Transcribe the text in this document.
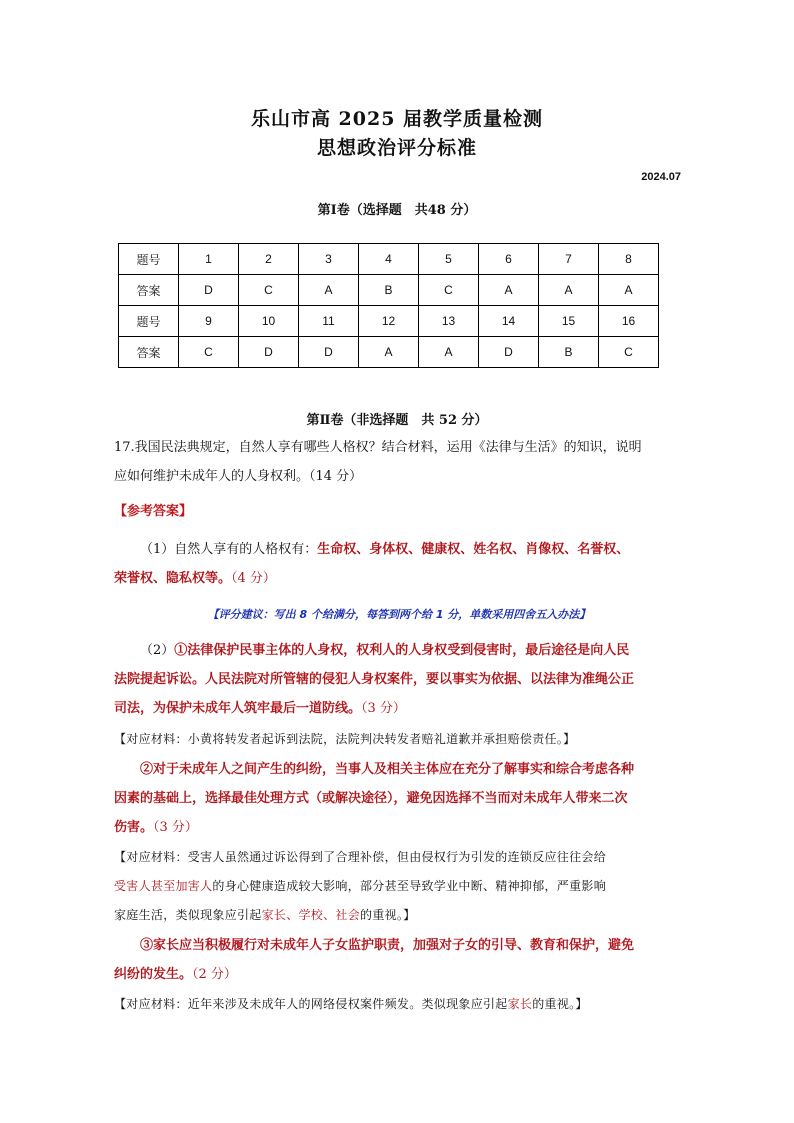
乐山市高 2025 届教学质量检测
思想政治评分标准
2024.07
第Ⅰ卷（选择题　共48 分）
题号	1	2	3	4	5	6	7	8
答案	D	C	A	B	C	A	A	A
题号	9	10	11	12	13	14	15	16
答案	C	D	D	A	A	D	B	C
第Ⅱ卷（非选择题　共 52 分）
17.我国民法典规定，自然人享有哪些人格权？结合材料，运用《法律与生活》的知识，说明
应如何维护未成年人的人身权利。（14 分）
【参考答案】
（1）自然人享有的人格权有：生命权、身体权、健康权、姓名权、肖像权、名誉权、
荣誉权、隐私权等。（4 分）
【评分建议：写出 8 个给满分，每答到两个给 1 分，单数采用四舍五入办法】
（2）①法律保护民事主体的人身权，权利人的人身权受到侵害时，最后途径是向人民
法院提起诉讼。人民法院对所管辖的侵犯人身权案件，要以事实为依据、以法律为准绳公正
司法，为保护未成年人筑牢最后一道防线。（3 分）
【对应材料：小黄将转发者起诉到法院，法院判决转发者赔礼道歉并承担赔偿责任。】
②对于未成年人之间产生的纠纷，当事人及相关主体应在充分了解事实和综合考虑各种
因素的基础上，选择最佳处理方式（或解决途径），避免因选择不当而对未成年人带来二次
伤害。（3 分）
【对应材料：受害人虽然通过诉讼得到了合理补偿，但由侵权行为引发的连锁反应往往会给
受害人甚至加害人的身心健康造成较大影响，部分甚至导致学业中断、精神抑郁，严重影响
家庭生活，类似现象应引起家长、学校、社会的重视。】
③家长应当积极履行对未成年人子女监护职责，加强对子女的引导、教育和保护，避免
纠纷的发生。（2 分）
【对应材料：近年来涉及未成年人的网络侵权案件频发。类似现象应引起家长的重视。】
